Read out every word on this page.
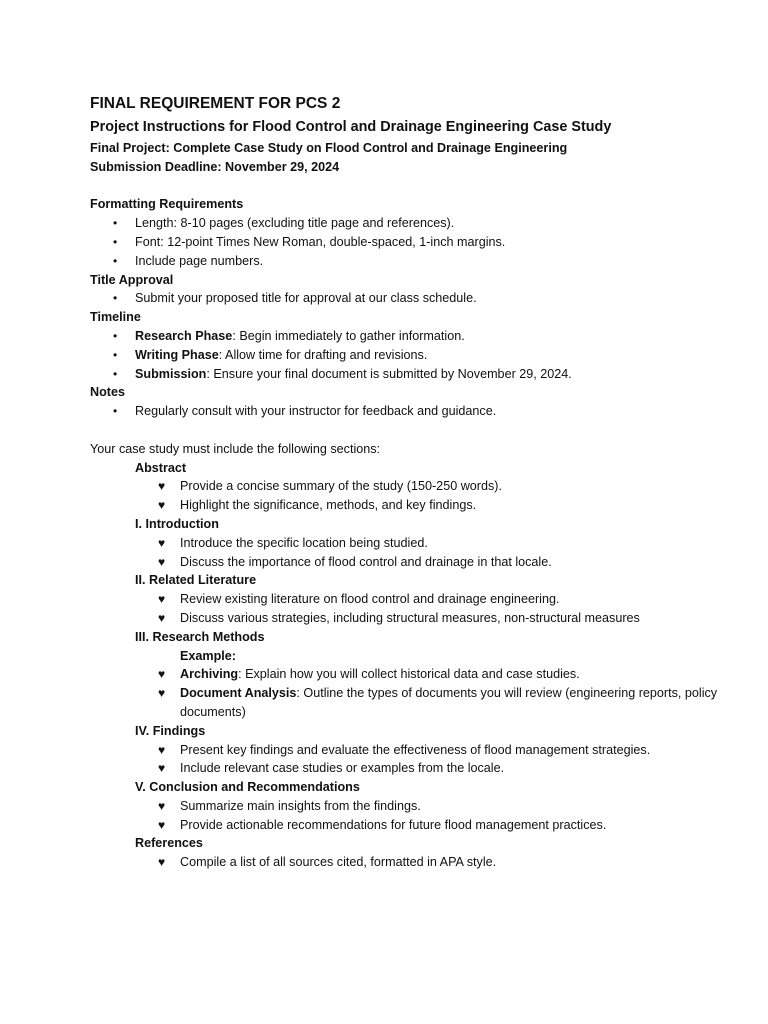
FINAL REQUIREMENT FOR PCS 2

Project Instructions for Flood Control and Drainage Engineering Case Study

Final Project: Complete Case Study on Flood Control and Drainage Engineering

Submission Deadline: November 29, 2024

Formatting Requirements

• Length: 8-10 pages (excluding title page and references).
• Font: 12-point Times New Roman, double-spaced, 1-inch margins.
• Include page numbers.

Title Approval

• Submit your proposed title for approval at our class schedule.

Timeline

• Research Phase: Begin immediately to gather information.
• Writing Phase: Allow time for drafting and revisions.
• Submission: Ensure your final document is submitted by November 29, 2024.

Notes

• Regularly consult with your instructor for feedback and guidance.

Your case study must include the following sections:

Abstract

♥ Provide a concise summary of the study (150-250 words).
♥ Highlight the significance, methods, and key findings.

I. Introduction

♥ Introduce the specific location being studied.
♥ Discuss the importance of flood control and drainage in that locale.

II. Related Literature

♥ Review existing literature on flood control and drainage engineering.
♥ Discuss various strategies, including structural measures, non-structural measures

III. Research Methods

Example:

♥ Archiving: Explain how you will collect historical data and case studies.
♥ Document Analysis: Outline the types of documents you will review (engineering reports, policy documents)

IV. Findings

♥ Present key findings and evaluate the effectiveness of flood management strategies.
♥ Include relevant case studies or examples from the locale.

V. Conclusion and Recommendations

♥ Summarize main insights from the findings.
♥ Provide actionable recommendations for future flood management practices.

References

♥ Compile a list of all sources cited, formatted in APA style.
